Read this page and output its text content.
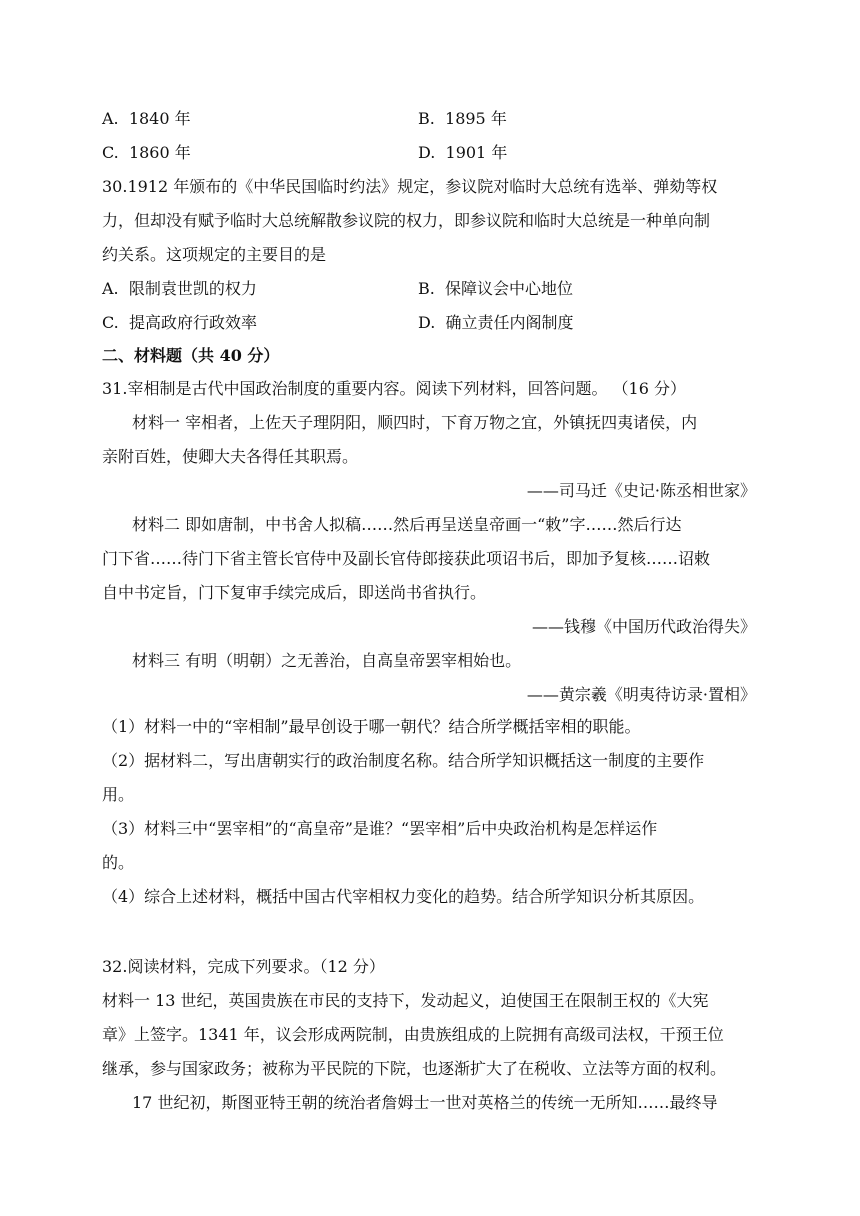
A. 1840 年	B. 1895 年
C. 1860 年	D. 1901 年
30.1912 年颁布的《中华民国临时约法》规定，参议院对临时大总统有选举、弹劾等权
力，但却没有赋予临时大总统解散参议院的权力，即参议院和临时大总统是一种单向制
约关系。这项规定的主要目的是
A. 限制袁世凯的权力	B. 保障议会中心地位
C. 提高政府行政效率	D. 确立责任内阁制度
二、材料题（共 40 分）
31.宰相制是古代中国政治制度的重要内容。阅读下列材料，回答问题。 （16 分）
材料一 宰相者，上佐天子理阴阳，顺四时，下育万物之宜，外镇抚四夷诸侯，内
亲附百姓，使卿大夫各得任其职焉。
——司马迁《史记·陈丞相世家》
材料二 即如唐制，中书舍人拟稿……然后再呈送皇帝画一“敕”字……然后行达
门下省……待门下省主管长官侍中及副长官侍郎接获此项诏书后，即加予复核……诏敕
自中书定旨，门下复审手续完成后，即送尚书省执行。
——钱穆《中国历代政治得失》
材料三 有明（明朝）之无善治，自高皇帝罢宰相始也。
——黄宗羲《明夷待访录·置相》
（1）材料一中的“宰相制”最早创设于哪一朝代？结合所学概括宰相的职能。
（2）据材料二，写出唐朝实行的政治制度名称。结合所学知识概括这一制度的主要作
用。
（3）材料三中“罢宰相”的“高皇帝”是谁？“罢宰相”后中央政治机构是怎样运作
的。
（4）综合上述材料，概括中国古代宰相权力变化的趋势。结合所学知识分析其原因。
32.阅读材料，完成下列要求。（12 分）
材料一 13 世纪，英国贵族在市民的支持下，发动起义，迫使国王在限制王权的《大宪
章》上签字。1341 年，议会形成两院制，由贵族组成的上院拥有高级司法权，干预王位
继承，参与国家政务；被称为平民院的下院，也逐渐扩大了在税收、立法等方面的权利。
17 世纪初，斯图亚特王朝的统治者詹姆士一世对英格兰的传统一无所知……最终导
